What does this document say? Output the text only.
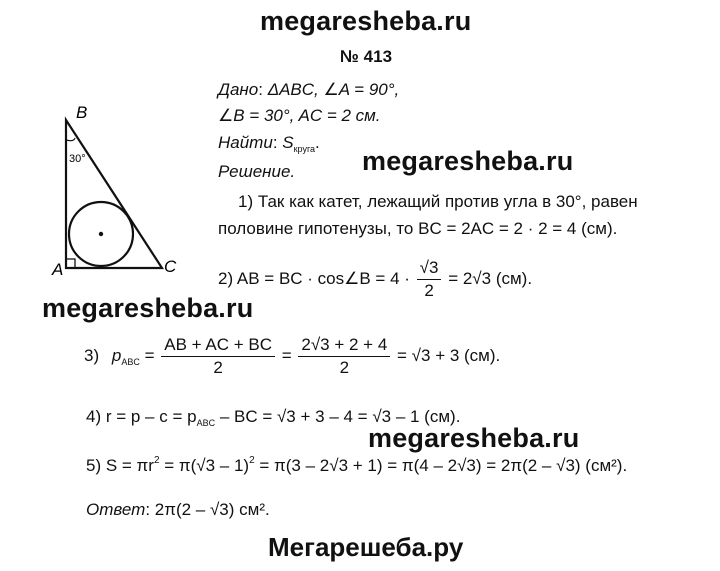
megaresheba.ru
megaresheba.ru
megaresheba.ru
megaresheba.ru
№ 413
Дано: ΔABC, ∠A = 90°,
∠B = 30°, AC = 2 см.
Найти: $S_{круга}$.
Решение.
B
30°
A	C
1) Так как катет, лежащий против угла в 30°, равен
половине гипотенузы, то BC = 2AC = 2 · 2 = 4 (см).
2) AB = BC · cos∠B = $4 \cdot \frac{√3}{2} = 2√3$ (см).
3) $p_{ABC} = \frac{AB + AC + BC}{2} = \frac{2√3 + 2 + 4}{2} = √3 + 3$ (см).
4) $r = p - c = p_{ABC}$ – BC = √3 + 3 – 4 = √3 – 1 (см).
5) $S = \pi r^2 = \pi(√3 - 1)^2 = \pi(3 - 2√3 + 1) = \pi(4 - 2√3) = 2\pi(2 - √3)$ (см²).
Ответ: 2π(2 – √3) см².
Мегарешеба.ру
